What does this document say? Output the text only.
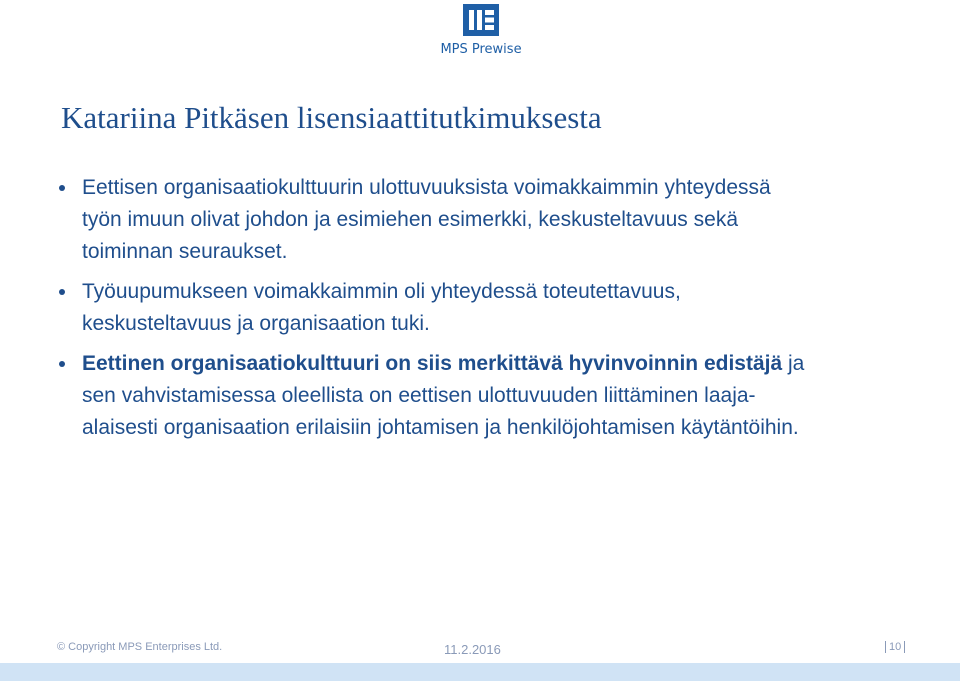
MPS Prewise
Katariina Pitkäsen lisensiaattitutkimuksesta
Eettisen organisaatiokulttuurin ulottuvuuksista voimakkaimmin yhteydessä
työn imuun olivat johdon ja esimiehen esimerkki, keskusteltavuus sekä
toiminnan seuraukset.
Työuupumukseen voimakkaimmin oli yhteydessä toteutettavuus,
keskusteltavuus ja organisaation tuki.
Eettinen organisaatiokulttuuri on siis merkittävä hyvinvoinnin edistäjä ja
sen vahvistamisessa oleellista on eettisen ulottuvuuden liittäminen laaja-
alaisesti organisaation erilaisiin johtamisen ja henkilöjohtamisen käytäntöihin.
© Copyright MPS Enterprises Ltd.	11.2.2016	10
